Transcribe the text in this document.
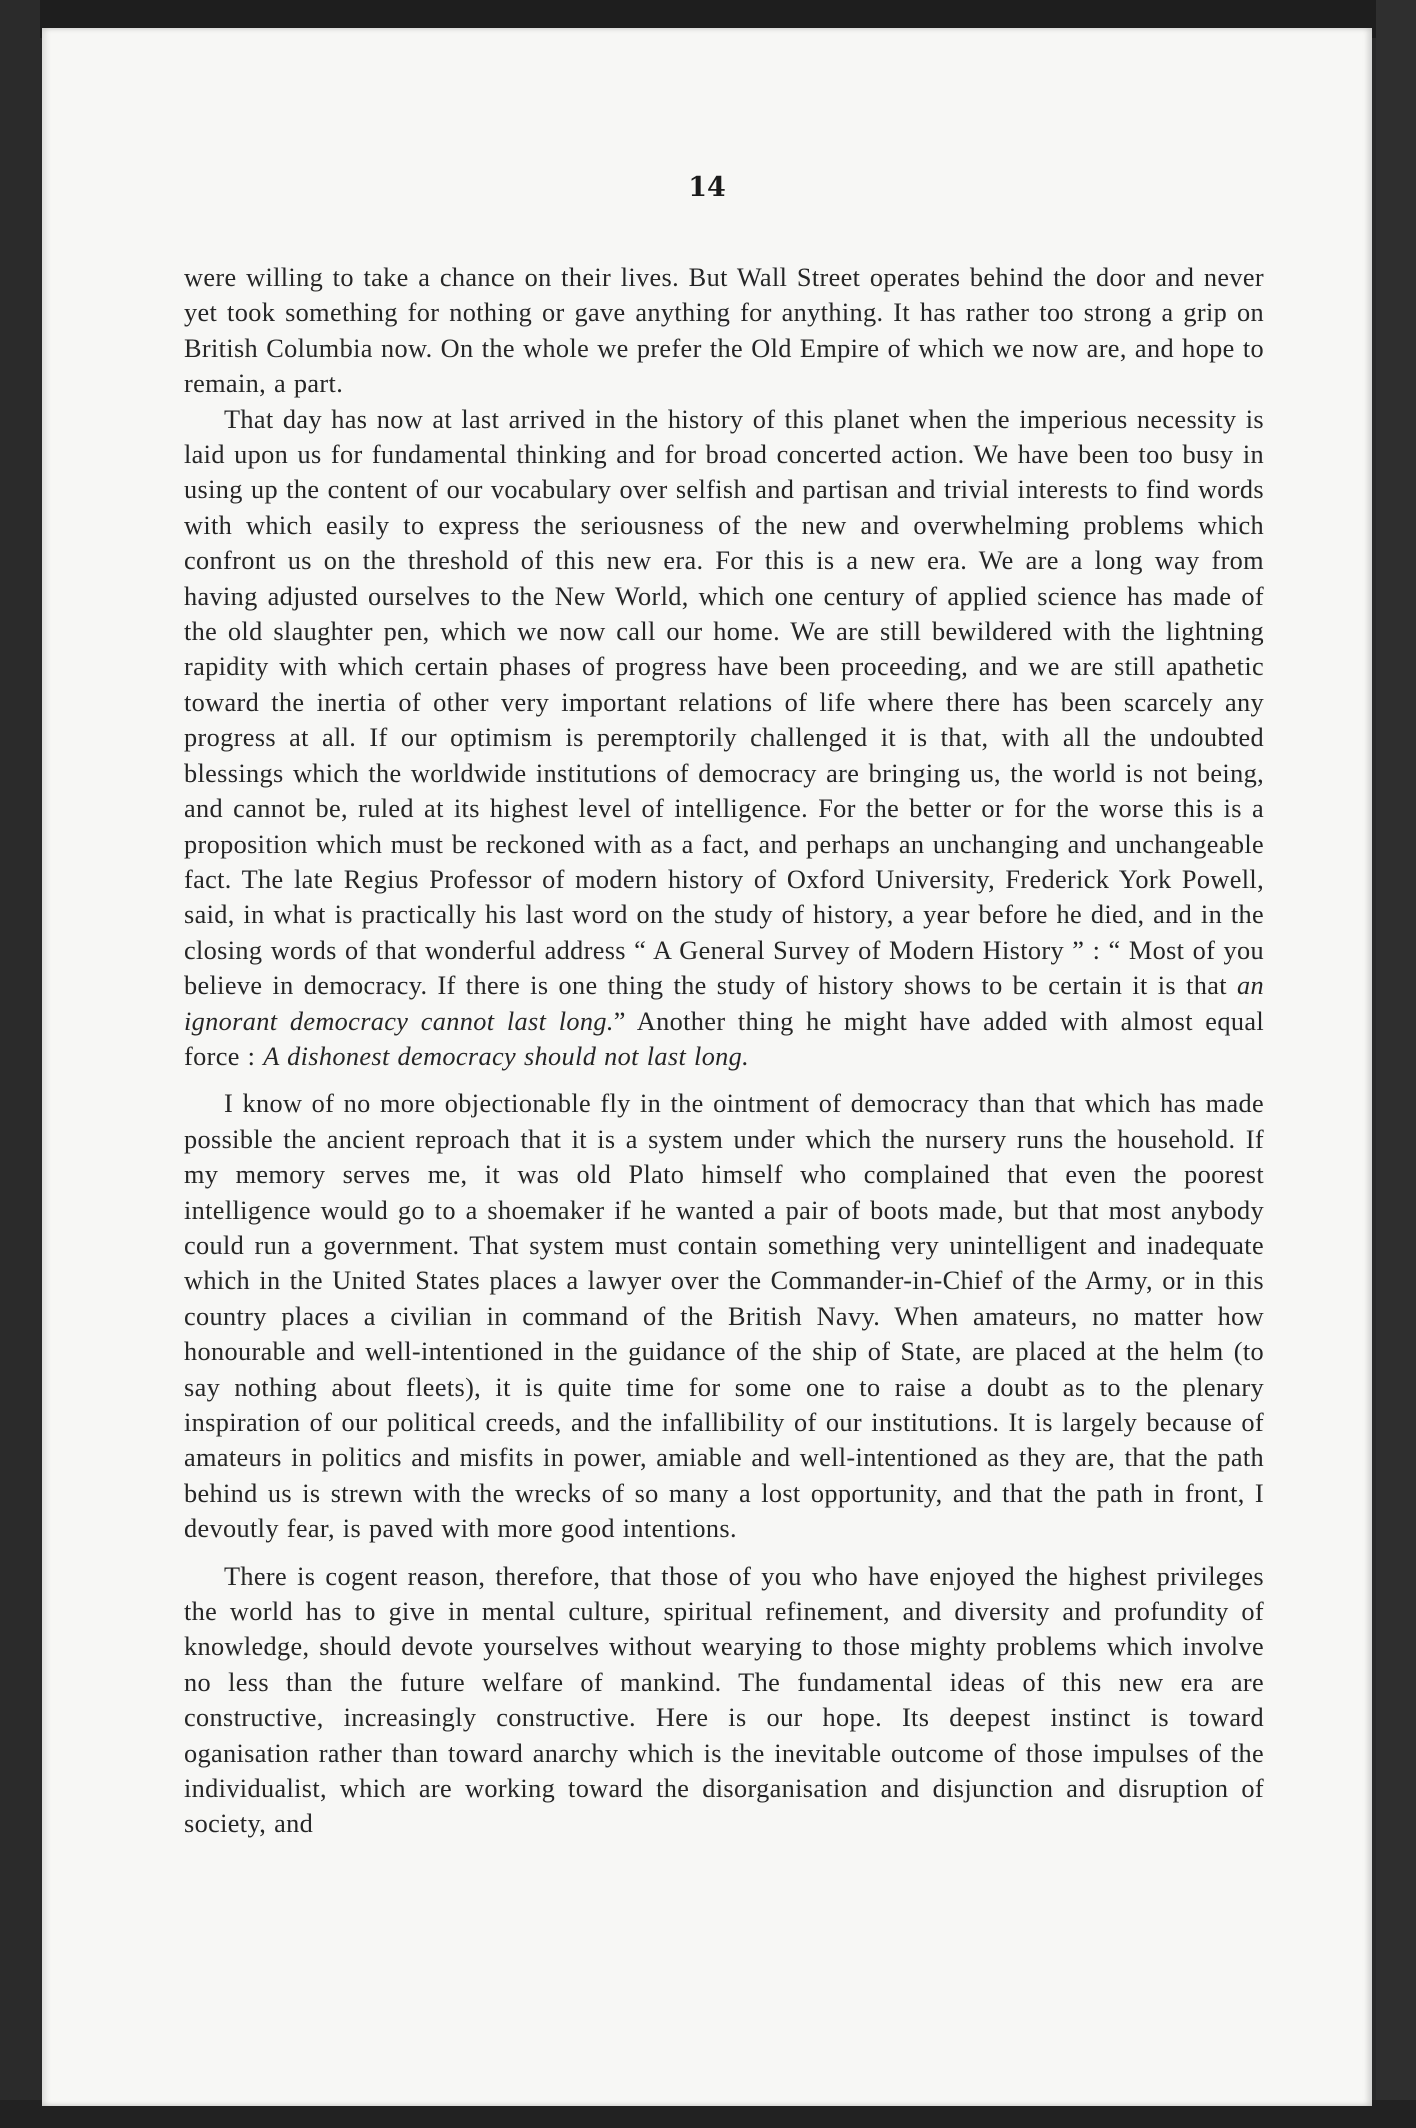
14

were willing to take a chance on their lives. But Wall Street operates behind the door and never yet took something for nothing or gave anything for anything. It has rather too strong a grip on British Columbia now. On the whole we prefer the Old Empire of which we now are, and hope to remain, a part.

That day has now at last arrived in the history of this planet when the imperious necessity is laid upon us for fundamental thinking and for broad concerted action. We have been too busy in using up the content of our vocabulary over selfish and partisan and trivial interests to find words with which easily to express the seriousness of the new and overwhelming problems which confront us on the threshold of this new era. For this is a new era. We are a long way from having adjusted ourselves to the New World, which one century of applied science has made of the old slaughter pen, which we now call our home. We are still bewildered with the lightning rapidity with which certain phases of progress have been proceeding, and we are still apathetic toward the inertia of other very important relations of life where there has been scarcely any progress at all. If our optimism is peremptorily challenged it is that, with all the undoubted blessings which the worldwide institutions of democracy are bringing us, the world is not being, and cannot be, ruled at its highest level of intelligence. For the better or for the worse this is a proposition which must be reckoned with as a fact, and perhaps an unchanging and unchangeable fact. The late Regius Professor of modern history of Oxford University, Frederick York Powell, said, in what is practically his last word on the study of history, a year before he died, and in the closing words of that wonderful address “ A General Survey of Modern History ” : “ Most of you believe in democracy. If there is one thing the study of history shows to be certain it is that an ignorant democracy cannot last long.” Another thing he might have added with almost equal force : A dishonest democracy should not last long.

I know of no more objectionable fly in the ointment of democracy than that which has made possible the ancient reproach that it is a system under which the nursery runs the household. If my memory serves me, it was old Plato himself who complained that even the poorest intelligence would go to a shoemaker if he wanted a pair of boots made, but that most anybody could run a government. That system must contain something very unintelligent and inadequate which in the United States places a lawyer over the Commander-in-Chief of the Army, or in this country places a civilian in command of the British Navy. When amateurs, no matter how honourable and well-intentioned in the guidance of the ship of State, are placed at the helm (to say nothing about fleets), it is quite time for some one to raise a doubt as to the plenary inspiration of our political creeds, and the infallibility of our institutions. It is largely because of amateurs in politics and misfits in power, amiable and well-intentioned as they are, that the path behind us is strewn with the wrecks of so many a lost opportunity, and that the path in front, I devoutly fear, is paved with more good intentions.

There is cogent reason, therefore, that those of you who have enjoyed the highest privileges the world has to give in mental culture, spiritual refinement, and diversity and profundity of knowledge, should devote yourselves without wearying to those mighty problems which involve no less than the future welfare of mankind. The fundamental ideas of this new era are constructive, increasingly constructive. Here is our hope. Its deepest instinct is toward oganisation rather than toward anarchy which is the inevitable outcome of those impulses of the individualist, which are working toward the disorganisation and disjunction and disruption of society, and
